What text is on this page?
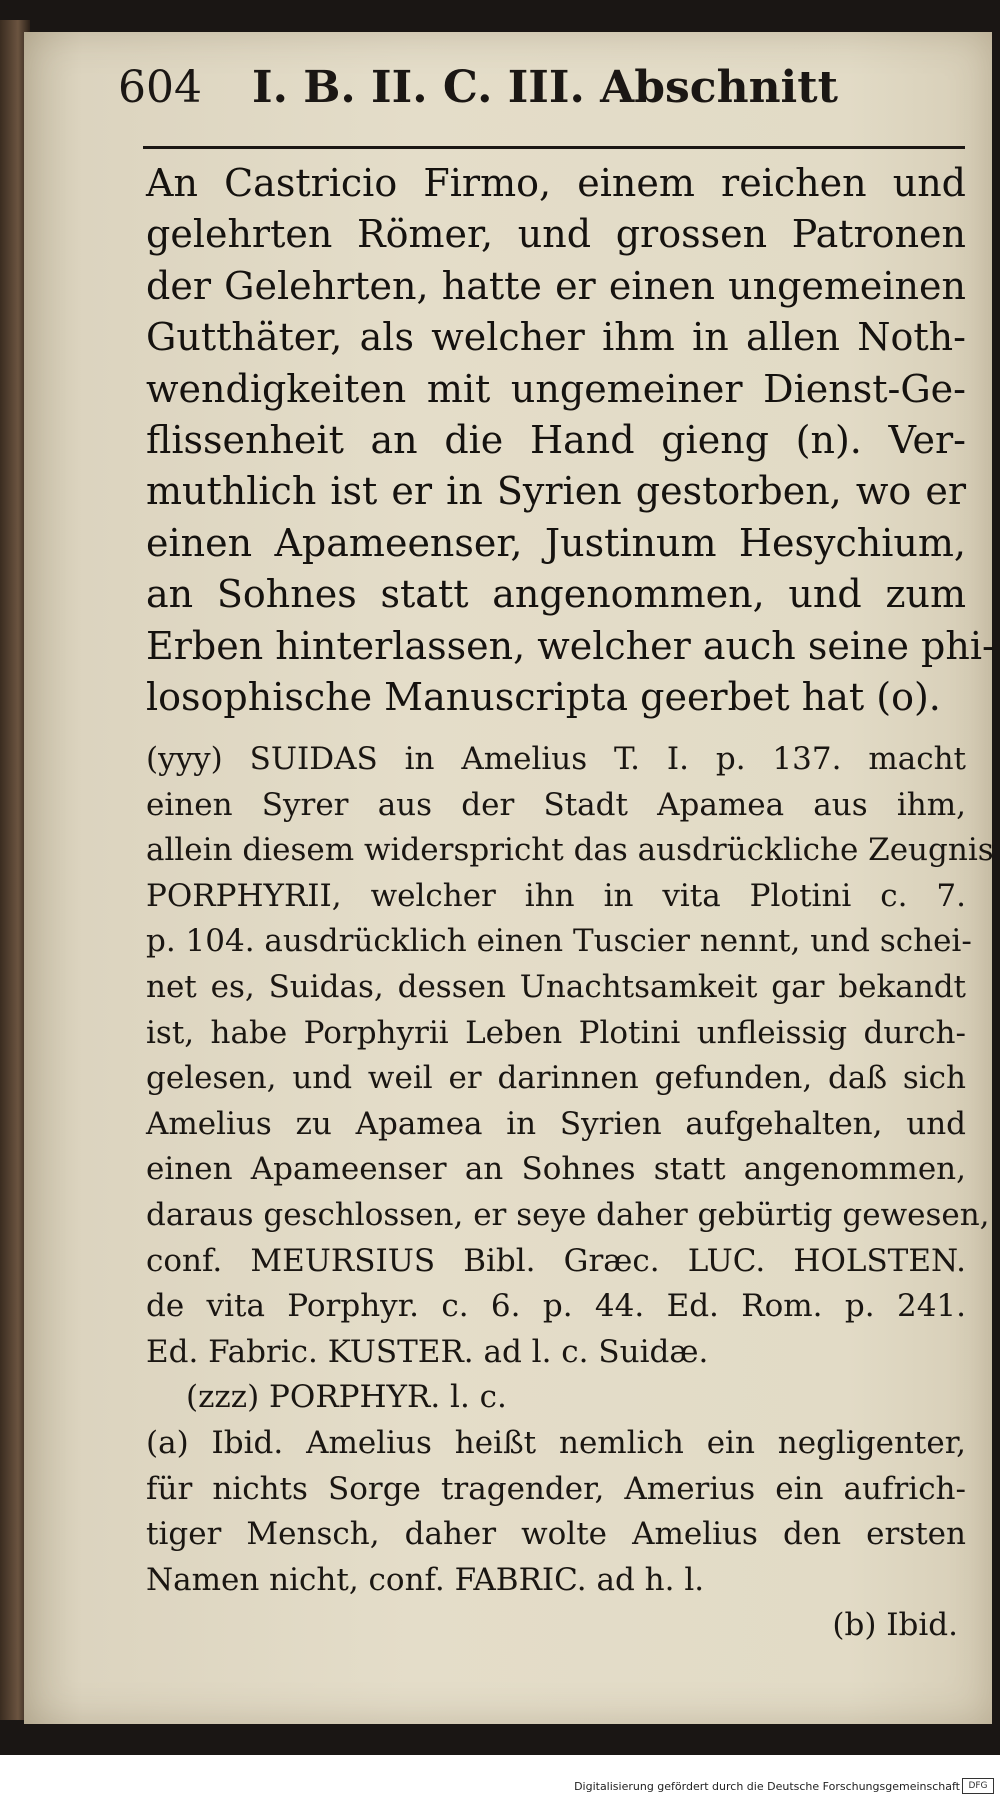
604 I. B. II. C. III. Abschnitt
An Castricio Firmo, einem reichen und
gelehrten Römer, und grossen Patronen
der Gelehrten, hatte er einen ungemeinen
Gutthäter, als welcher ihm in allen Noth-
wendigkeiten mit ungemeiner Dienst-Ge-
flissenheit an die Hand gieng (n). Ver-
muthlich ist er in Syrien gestorben, wo er
einen Apameenser, Justinum Hesychium,
an Sohnes statt angenommen, und zum
Erben hinterlassen, welcher auch seine phi-
losophische Manuscripta geerbet hat (o).
(yyy) SUIDAS in Amelius T. I. p. 137. macht
einen Syrer aus der Stadt Apamea aus ihm,
allein diesem widerspricht das ausdrückliche Zeugnis
PORPHYRII, welcher ihn in vita Plotini c. 7.
p. 104. ausdrücklich einen Tuscier nennt, und schei-
net es, Suidas, dessen Unachtsamkeit gar bekandt
ist, habe Porphyrii Leben Plotini unfleissig durch-
gelesen, und weil er darinnen gefunden, daß sich
Amelius zu Apamea in Syrien aufgehalten, und
einen Apameenser an Sohnes statt angenommen,
daraus geschlossen, er seye daher gebürtig gewesen,
conf. MEURSIUS Bibl. Græc. LUC. HOLSTEN.
de vita Porphyr. c. 6. p. 44. Ed. Rom. p. 241.
Ed. Fabric. KUSTER. ad l. c. Suidæ.
(zzz) PORPHYR. l. c.
(a) Ibid. Amelius heißt nemlich ein negligenter,
für nichts Sorge tragender, Amerius ein aufrich-
tiger Mensch, daher wolte Amelius den ersten
Namen nicht, conf. FABRIC. ad h. l.
(b) Ibid.
Digitalisierung gefördert durch die Deutsche Forschungsgemeinschaft DFG
